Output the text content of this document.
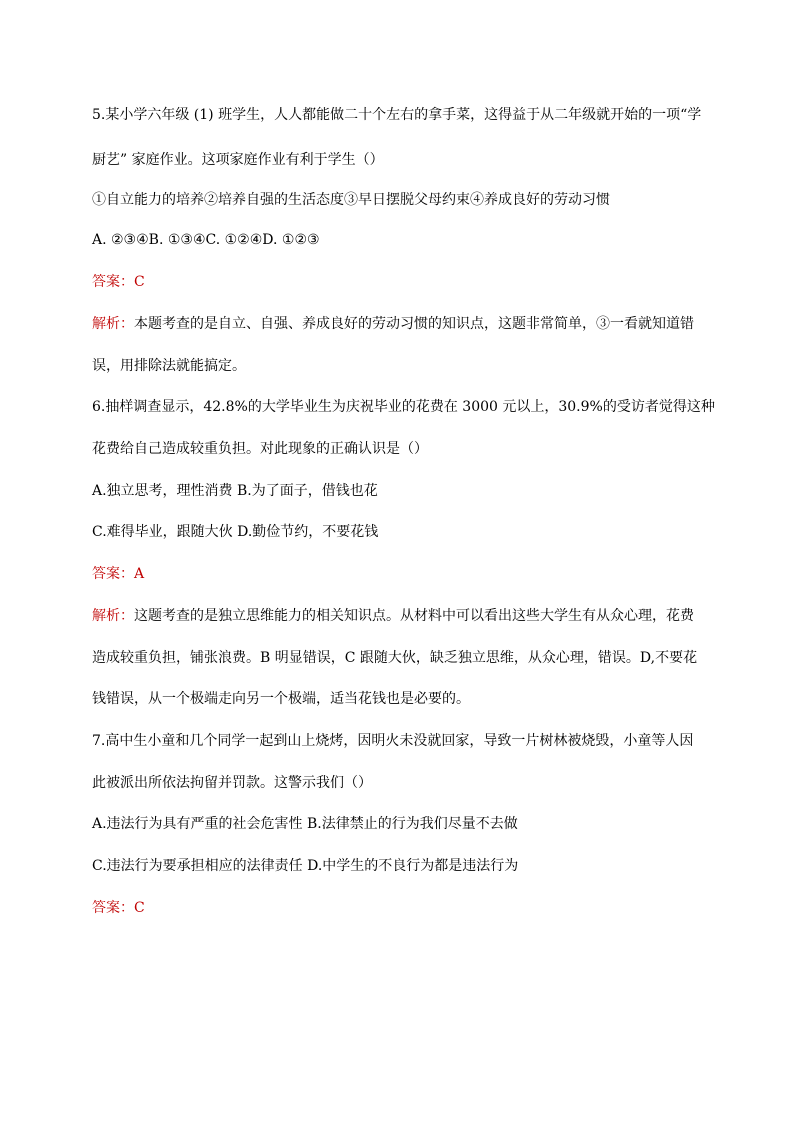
5.某小学六年级 (1) 班学生，人人都能做二十个左右的拿手菜，这得益于从二年级就开始的一项“学
厨艺” 家庭作业。这项家庭作业有利于学生（）
①自立能力的培养②培养自强的生活态度③早日摆脱父母约束④养成良好的劳动习惯
A. ②③④B. ①③④C. ①②④D. ①②③
答案：C
解析：本题考查的是自立、自强、养成良好的劳动习惯的知识点，这题非常简单，③一看就知道错
误，用排除法就能搞定。
6.抽样调查显示，42.8%的大学毕业生为庆祝毕业的花费在 3000 元以上，30.9%的受访者觉得这种
花费给自己造成较重负担。对此现象的正确认识是（）
A.独立思考，理性消费 B.为了面子，借钱也花
C.难得毕业，跟随大伙 D.勤俭节约，不要花钱
答案：A
解析：这题考查的是独立思维能力的相关知识点。从材料中可以看出这些大学生有从众心理，花费
造成较重负担，铺张浪费。B 明显错误，C 跟随大伙，缺乏独立思维，从众心理，错误。D,不要花
钱错误，从一个极端走向另一个极端，适当花钱也是必要的。
7.高中生小童和几个同学一起到山上烧烤，因明火未没就回家，导致一片树林被烧毁，小童等人因
此被派出所依法拘留并罚款。这警示我们（）
A.违法行为具有严重的社会危害性 B.法律禁止的行为我们尽量不去做
C.违法行为要承担相应的法律责任 D.中学生的不良行为都是违法行为
答案：C
